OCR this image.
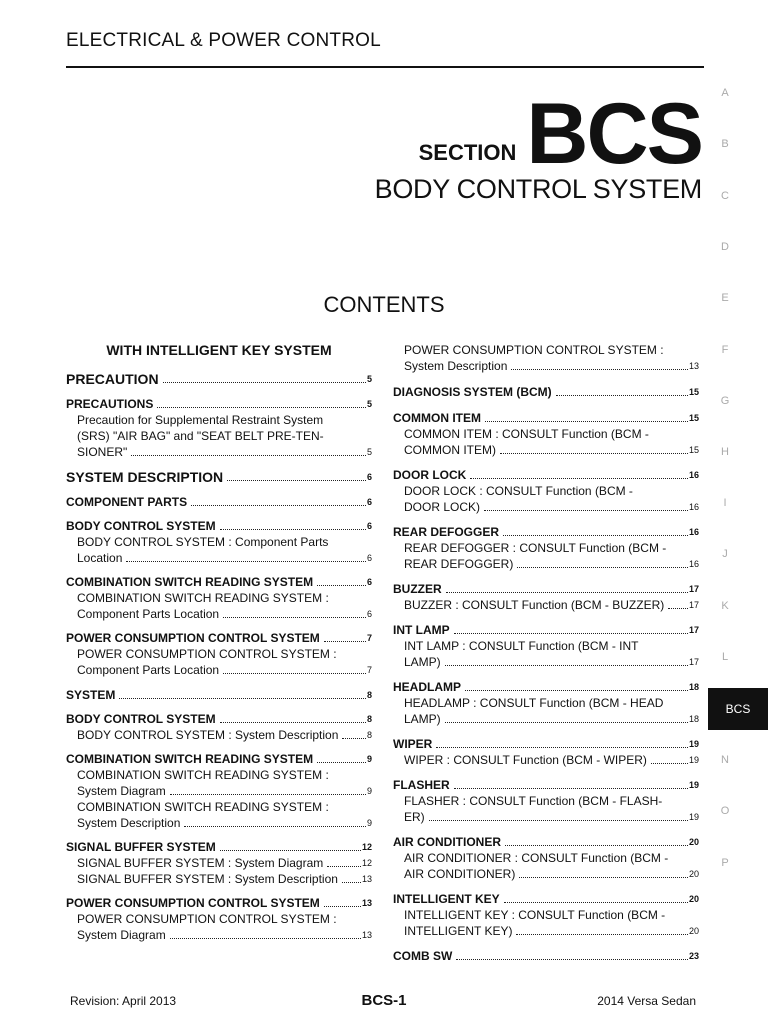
ELECTRICAL & POWER CONTROL
SECTION BCS
BODY CONTROL SYSTEM
CONTENTS
A
B
C
D
E
F
G
H
I
J
K
L
BCS
N
O
P
WITH INTELLIGENT KEY SYSTEM
PRECAUTION	5
PRECAUTIONS	5
Precaution for Supplemental Restraint System
(SRS) "AIR BAG" and "SEAT BELT PRE-TEN-
SIONER"	5
SYSTEM DESCRIPTION	6
COMPONENT PARTS	6
BODY CONTROL SYSTEM	6
BODY CONTROL SYSTEM : Component Parts
Location	6
COMBINATION SWITCH READING SYSTEM	6
COMBINATION SWITCH READING SYSTEM :
Component Parts Location	6
POWER CONSUMPTION CONTROL SYSTEM	7
POWER CONSUMPTION CONTROL SYSTEM :
Component Parts Location	7
SYSTEM	8
BODY CONTROL SYSTEM	8
BODY CONTROL SYSTEM : System Description	8
COMBINATION SWITCH READING SYSTEM	9
COMBINATION SWITCH READING SYSTEM :
System Diagram	9
COMBINATION SWITCH READING SYSTEM :
System Description	9
SIGNAL BUFFER SYSTEM	12
SIGNAL BUFFER SYSTEM : System Diagram	12
SIGNAL BUFFER SYSTEM : System Description	13
POWER CONSUMPTION CONTROL SYSTEM	13
POWER CONSUMPTION CONTROL SYSTEM :
System Diagram	13
POWER CONSUMPTION CONTROL SYSTEM :
System Description	13
DIAGNOSIS SYSTEM (BCM)	15
COMMON ITEM	15
COMMON ITEM : CONSULT Function (BCM -
COMMON ITEM)	15
DOOR LOCK	16
DOOR LOCK : CONSULT Function (BCM -
DOOR LOCK)	16
REAR DEFOGGER	16
REAR DEFOGGER : CONSULT Function (BCM -
REAR DEFOGGER)	16
BUZZER	17
BUZZER : CONSULT Function (BCM - BUZZER)	17
INT LAMP	17
INT LAMP : CONSULT Function (BCM - INT
LAMP)	17
HEADLAMP	18
HEADLAMP : CONSULT Function (BCM - HEAD
LAMP)	18
WIPER	19
WIPER : CONSULT Function (BCM - WIPER)	19
FLASHER	19
FLASHER : CONSULT Function (BCM - FLASH-
ER)	19
AIR CONDITIONER	20
AIR CONDITIONER : CONSULT Function (BCM -
AIR CONDITIONER)	20
INTELLIGENT KEY	20
INTELLIGENT KEY : CONSULT Function (BCM -
INTELLIGENT KEY)	20
COMB SW	23
Revision: April 2013	BCS-1	2014 Versa Sedan
